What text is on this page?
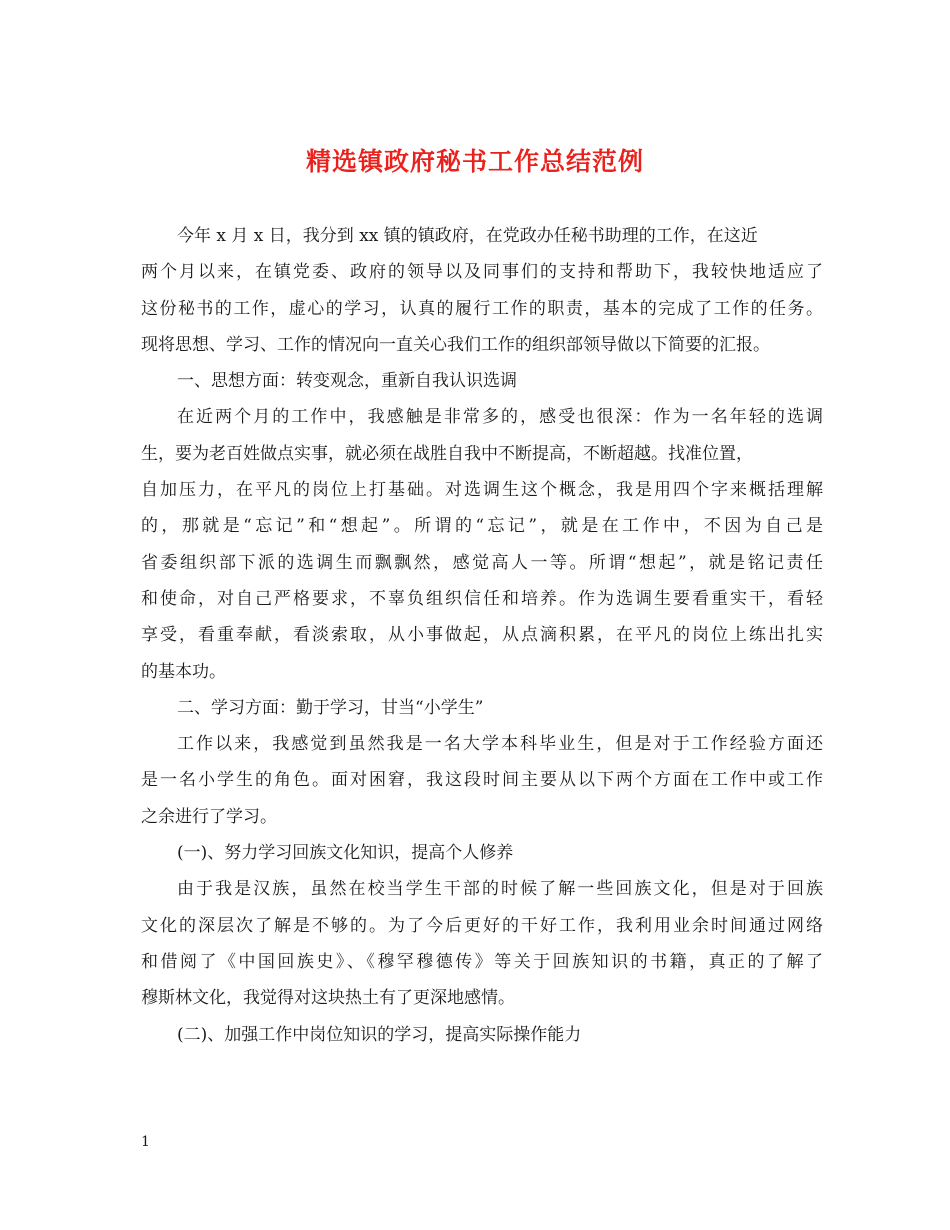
精选镇政府秘书工作总结范例
今年 x 月 x 日，我分到 xx 镇的镇政府，在党政办任秘书助理的工作，在这近
两个月以来，在镇党委、政府的领导以及同事们的支持和帮助下，我较快地适应了
这份秘书的工作，虚心的学习，认真的履行工作的职责，基本的完成了工作的任务。
现将思想、学习、工作的情况向一直关心我们工作的组织部领导做以下简要的汇报。
一、思想方面：转变观念，重新自我认识选调
在近两个月的工作中，我感触是非常多的，感受也很深：作为一名年轻的选调
生，要为老百姓做点实事，就必须在战胜自我中不断提高，不断超越。找准位置，
自加压力，在平凡的岗位上打基础。对选调生这个概念，我是用四个字来概括理解
的，那就是“忘记”和“想起”。所谓的“忘记”，就是在工作中，不因为自己是
省委组织部下派的选调生而飘飘然，感觉高人一等。所谓“想起”，就是铭记责任
和使命，对自己严格要求，不辜负组织信任和培养。作为选调生要看重实干，看轻
享受，看重奉献，看淡索取，从小事做起，从点滴积累，在平凡的岗位上练出扎实
的基本功。
二、学习方面：勤于学习，甘当“小学生”
工作以来，我感觉到虽然我是一名大学本科毕业生，但是对于工作经验方面还
是一名小学生的角色。面对困窘，我这段时间主要从以下两个方面在工作中或工作
之余进行了学习。
(一)、努力学习回族文化知识，提高个人修养
由于我是汉族，虽然在校当学生干部的时候了解一些回族文化，但是对于回族
文化的深层次了解是不够的。为了今后更好的干好工作，我利用业余时间通过网络
和借阅了《中国回族史》、《穆罕穆德传》等关于回族知识的书籍，真正的了解了
穆斯林文化，我觉得对这块热土有了更深地感情。
(二)、加强工作中岗位知识的学习，提高实际操作能力
1
